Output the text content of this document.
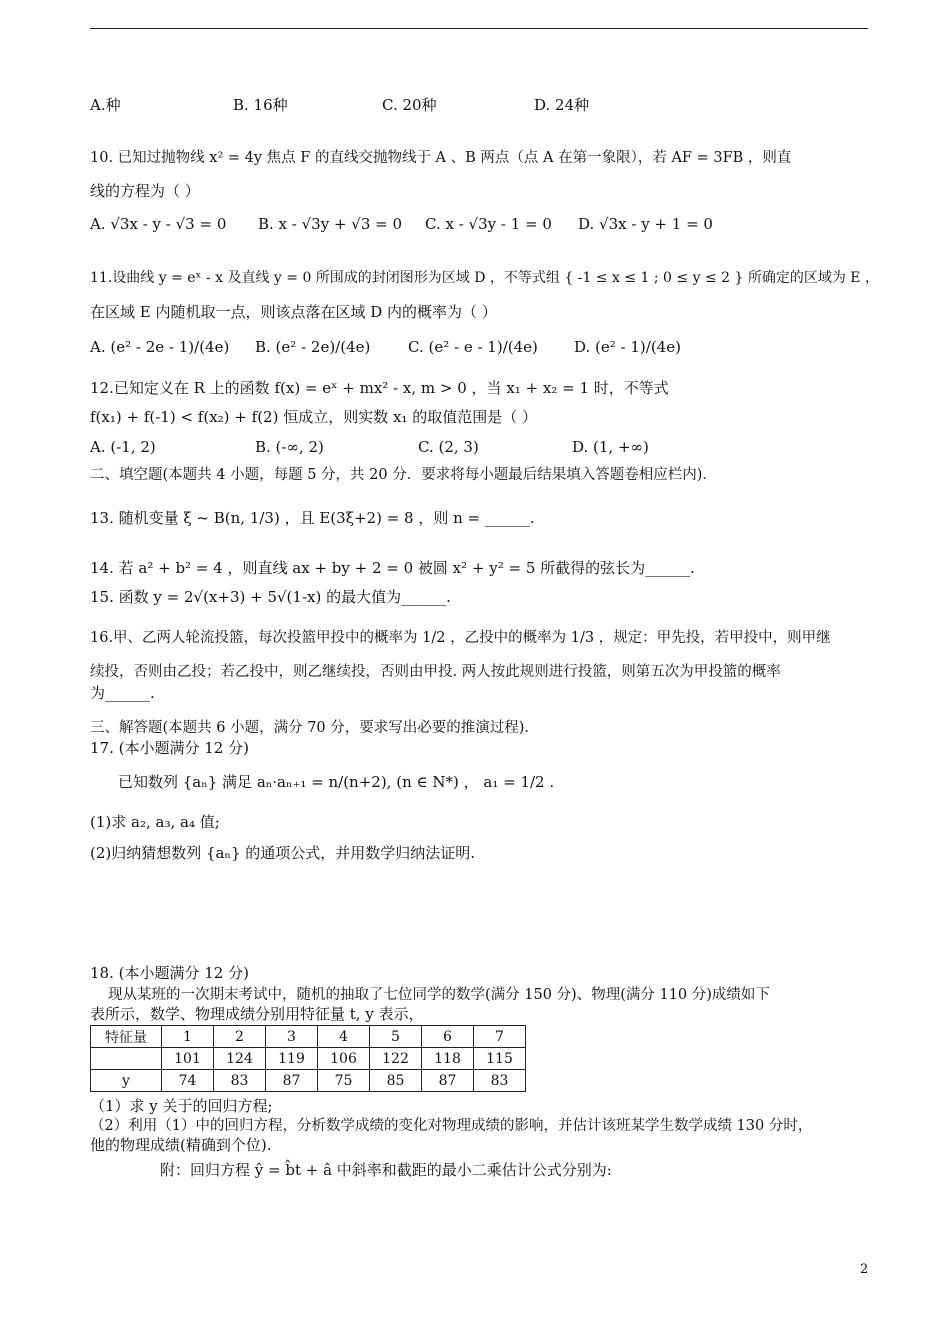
A.种	B. 16种	C. 20种	D. 24种
10. 已知过抛物线 x² = 4y 焦点 F 的直线交抛物线于 A 、B 两点（点 A 在第一象限），若 AF = 3FB ，则直
线的方程为（ ）
A. √3x - y - √3 = 0 B. x - √3y + √3 = 0 C. x - √3y - 1 = 0 D. √3x - y + 1 = 0
11.设曲线 y = eˣ - x 及直线 y = 0 所围成的封闭图形为区域 D ，不等式组 { -1 ≤ x ≤ 1 ; 0 ≤ y ≤ 2 } 所确定的区域为 E ，
在区域 E 内随机取一点，则该点落在区域 D 内的概率为（ ）
A. (e² - 2e - 1)/(4e) B. (e² - 2e)/(4e)	C. (e² - e - 1)/(4e) D. (e² - 1)/(4e)
12.已知定义在 R 上的函数 f(x) = eˣ + mx² - x, m > 0 ，当 x₁ + x₂ = 1 时，不等式
f(x₁) + f(-1) < f(x₂) + f(2) 恒成立，则实数 x₁ 的取值范围是（ ）
A. (-1, 2)	B. (-∞, 2)	C. (2, 3)	D. (1, +∞)
二、填空题(本题共 4 小题，每题 5 分，共 20 分．要求将每小题最后结果填入答题卷相应栏内)．
13. 随机变量 ξ ~ B(n, 1/3) ，且 E(3ξ+2) = 8 ，则 n = ______.
14. 若 a² + b² = 4 ，则直线 ax + by + 2 = 0 被圆 x² + y² = 5 所截得的弦长为______.
15. 函数 y = 2√(x+3) + 5√(1-x) 的最大值为______.
16.甲、乙两人轮流投篮，每次投篮甲投中的概率为 1/2 ，乙投中的概率为 1/3 ，规定：甲先投，若甲投中，则甲继
续投，否则由乙投；若乙投中，则乙继续投，否则由甲投. 两人按此规则进行投篮，则第五次为甲投篮的概率
为______.
三、解答题(本题共 6 小题，满分 70 分，要求写出必要的推演过程)．
17. (本小题满分 12 分)
已知数列 {aₙ} 满足 aₙ·aₙ₊₁ = n/(n+2), (n ∈ N*) ， a₁ = 1/2 .
(1)求 a₂, a₃, a₄ 值;
(2)归纳猜想数列 {aₙ} 的通项公式，并用数学归纳法证明.
18. (本小题满分 12 分)
现从某班的一次期末考试中，随机的抽取了七位同学的数学(满分 150 分)、物理(满分 110 分)成绩如下
表所示，数学、物理成绩分别用特征量 t, y 表示，
特征量	1	2	3	4	5	6	7
	101	124	119	106	122	118	115
y	74	83	87	75	85	87	83
（1）求 y 关于的回归方程;
（2）利用（1）中的回归方程，分析数学成绩的变化对物理成绩的影响，并估计该班某学生数学成绩 130 分时，
他的物理成绩(精确到个位).
附：回归方程 ŷ = b̂t + â 中斜率和截距的最小二乘估计公式分别为:
2
